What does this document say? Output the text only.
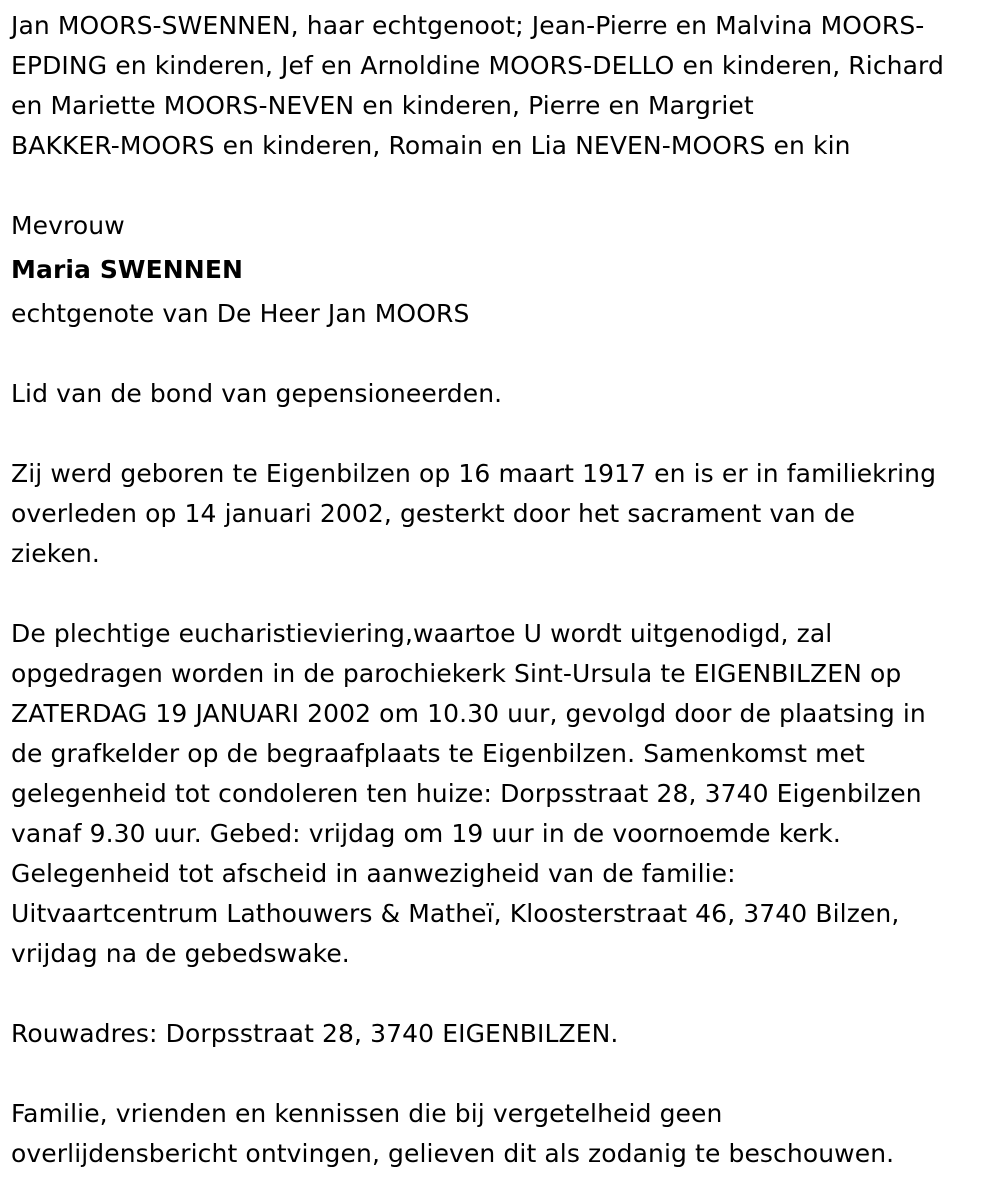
Jan MOORS-SWENNEN, haar echtgenoot; Jean-Pierre en Malvina MOORS-
EPDING en kinderen, Jef en Arnoldine MOORS-DELLO en kinderen, Richard
en Mariette MOORS-NEVEN en kinderen, Pierre en Margriet
BAKKER-MOORS en kinderen, Romain en Lia NEVEN-MOORS en kin
Mevrouw
Maria SWENNEN
echtgenote van De Heer Jan MOORS
Lid van de bond van gepensioneerden.
Zij werd geboren te Eigenbilzen op 16 maart 1917 en is er in familiekring
overleden op 14 januari 2002, gesterkt door het sacrament van de
zieken.
De plechtige eucharistieviering,waartoe U wordt uitgenodigd, zal
opgedragen worden in de parochiekerk Sint-Ursula te EIGENBILZEN op
ZATERDAG 19 JANUARI 2002 om 10.30 uur, gevolgd door de plaatsing in
de grafkelder op de begraafplaats te Eigenbilzen. Samenkomst met
gelegenheid tot condoleren ten huize: Dorpsstraat 28, 3740 Eigenbilzen
vanaf 9.30 uur. Gebed: vrijdag om 19 uur in de voornoemde kerk.
Gelegenheid tot afscheid in aanwezigheid van de familie:
Uitvaartcentrum Lathouwers & Matheï, Kloosterstraat 46, 3740 Bilzen,
vrijdag na de gebedswake.
Rouwadres: Dorpsstraat 28, 3740 EIGENBILZEN.
Familie, vrienden en kennissen die bij vergetelheid geen
overlijdensbericht ontvingen, gelieven dit als zodanig te beschouwen.
